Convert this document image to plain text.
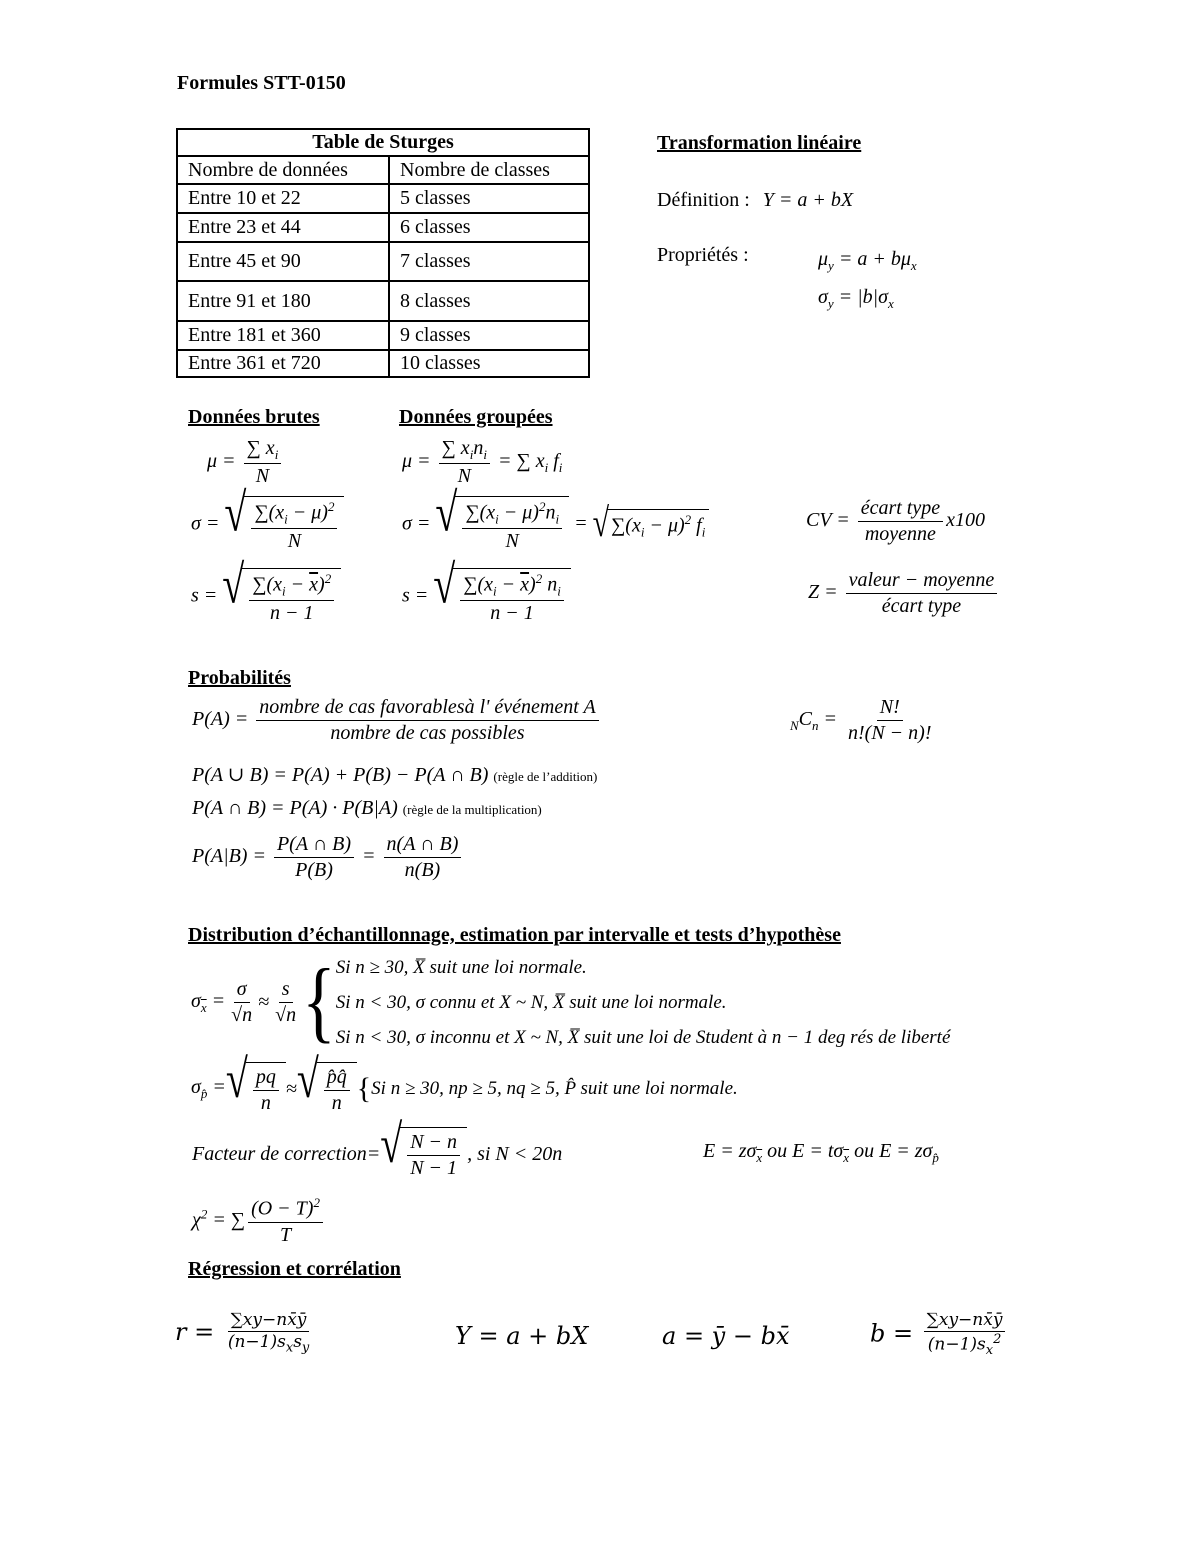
Formules STT-0150
Table de Sturges	
Nombre de données	Nombre de classes
Entre 10 et 22	5 classes
Entre 23 et 44	6 classes
Entre 45 et 90	7 classes
Entre 91 et 180	8 classes
Entre 181 et 360	9 classes
Entre 361 et 720	10 classes
Transformation linéaire
Définition : Y = a + bX
Propriétés :	$\mu_y = a + b\mu_x$
$\sigma_y = |b|\sigma_x$
Données brutes	Données groupées
$\mu = \frac{\sum x_i}{N}$	$\mu = \frac{\sum x_in_i}{N}$ = ∑ $x_i$ $f_i$
σ = √ $\frac{\sum(x_i - \mu)^2}{N}$	σ = √ $\frac{\sum(x_i - \mu)^2n_i}{N}$ = √ $\sum(x_i - \mu)^2$ $f_i$
CV = $\frac{\text{écart type}}{\text{moyenne}} x100$
s = √ $\frac{\sum(x_i - \overline{x})^2}{n - 1}$	s = √ $\frac{\sum(x_i - \overline{x})^2 n_i}{n - 1}$	$Z = \frac{\text{valeur − moyenne}}{\text{écart type}}$
Probabilités
$P(A) = \frac{\text{nombre de cas favorablesà l' événement A}}{\text{nombre de cas possibles}}$	$_NC_n = \frac{N!}{n!(N - n)!}$
P(A ∪ B) = P(A) + P(B) − P(A ∩ B) (règle de l’addition)
P(A ∩ B) = P(A) · P(B|A) (règle de la multiplication)
$P(A|B) = \frac{P(A \cap B)}{P(B)} = \frac{n(A \cap B)}{n(B)}$
Distribution d’échantillonnage, estimation par intervalle et tests d’hypothèse
$\sigma_{\overline{x}} = \frac{\sigma}{√n} \approx \frac{s}{√n}$ { Si n ≥ 30, X̅ suit une loi normale.
Si n < 30, σ connu et X ~ N, X̅ suit une loi normale.
Si n < 30, σ inconnu et X ~ N, X̅ suit une loi de Student à n − 1 deg rés de liberté
$\sigma_{p̂}$ = √ $\frac{pq}{n}$ ≈ √ $\frac{p̂q̂}{n}$ { Si n ≥ 30, np ≥ 5, nq ≥ 5, P̂ suit une loi normale.
Facteur de correction= √ $\frac{N - n}{N - 1}$ , si N < 20n	$E = z\sigma_{\overline{x}}$ ou $E = t\sigma_{\overline{x}}$ ou $E = z\sigma_{p̂}$
$\chi^2$ = ∑ $\frac{(O - T)^2}{T}$
Régression et corrélation
$r = \frac{\sum xy-nx̄ȳ}{(n-1)s_xs_y}$	Y = a + bX	a = ȳ − bx̄	$b = \frac{\sum xy-nx̄ȳ}{(n-1)s_x^2}$
